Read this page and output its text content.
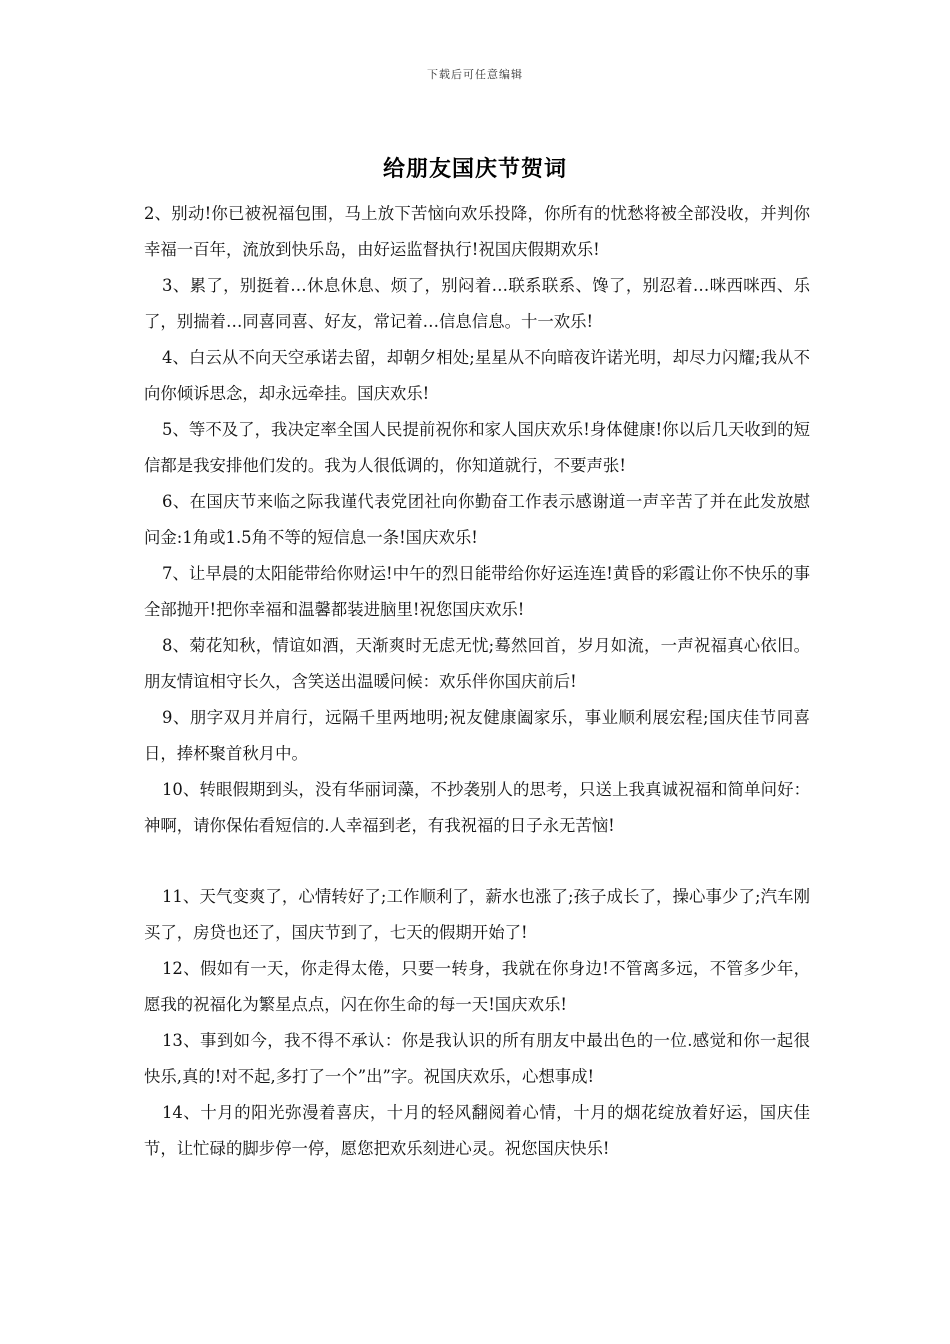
下载后可任意编辑
给朋友国庆节贺词

2、别动!你已被祝福包围，马上放下苦恼向欢乐投降，你所有的忧愁将被全部没收，并判你幸福一百年，流放到快乐岛，由好运监督执行!祝国庆假期欢乐!

3、累了，别挺着…休息休息、烦了，别闷着…联系联系、馋了，别忍着…咪西咪西、乐了，别揣着…同喜同喜、好友，常记着…信息信息。十一欢乐!

4、白云从不向天空承诺去留，却朝夕相处;星星从不向暗夜许诺光明，却尽力闪耀;我从不向你倾诉思念，却永远牵挂。国庆欢乐!

5、等不及了，我决定率全国人民提前祝你和家人国庆欢乐!身体健康!你以后几天收到的短信都是我安排他们发的。我为人很低调的，你知道就行，不要声张!

6、在国庆节来临之际我谨代表党团社向你勤奋工作表示感谢道一声辛苦了并在此发放慰问金:1角或1.5角不等的短信息一条!国庆欢乐!

7、让早晨的太阳能带给你财运!中午的烈日能带给你好运连连!黄昏的彩霞让你不快乐的事全部抛开!把你幸福和温馨都装进脑里!祝您国庆欢乐!

8、菊花知秋，情谊如酒，天渐爽时无虑无忧;蓦然回首，岁月如流，一声祝福真心依旧。朋友情谊相守长久，含笑送出温暖问候：欢乐伴你国庆前后!

9、朋字双月并肩行，远隔千里两地明;祝友健康阖家乐，事业顺利展宏程;国庆佳节同喜日，捧杯聚首秋月中。

10、转眼假期到头，没有华丽词藻，不抄袭别人的思考，只送上我真诚祝福和简单问好：神啊，请你保佑看短信的.人幸福到老，有我祝福的日子永无苦恼!

11、天气变爽了，心情转好了;工作顺利了，薪水也涨了;孩子成长了，操心事少了;汽车刚买了，房贷也还了，国庆节到了，七天的假期开始了!

12、假如有一天，你走得太倦，只要一转身，我就在你身边!不管离多远，不管多少年，愿我的祝福化为繁星点点，闪在你生命的每一天!国庆欢乐!

13、事到如今，我不得不承认：你是我认识的所有朋友中最出色的一位.感觉和你一起很快乐,真的!对不起,多打了一个”出”字。祝国庆欢乐，心想事成!

14、十月的阳光弥漫着喜庆，十月的轻风翻阅着心情，十月的烟花绽放着好运，国庆佳节，让忙碌的脚步停一停，愿您把欢乐刻进心灵。祝您国庆快乐!
